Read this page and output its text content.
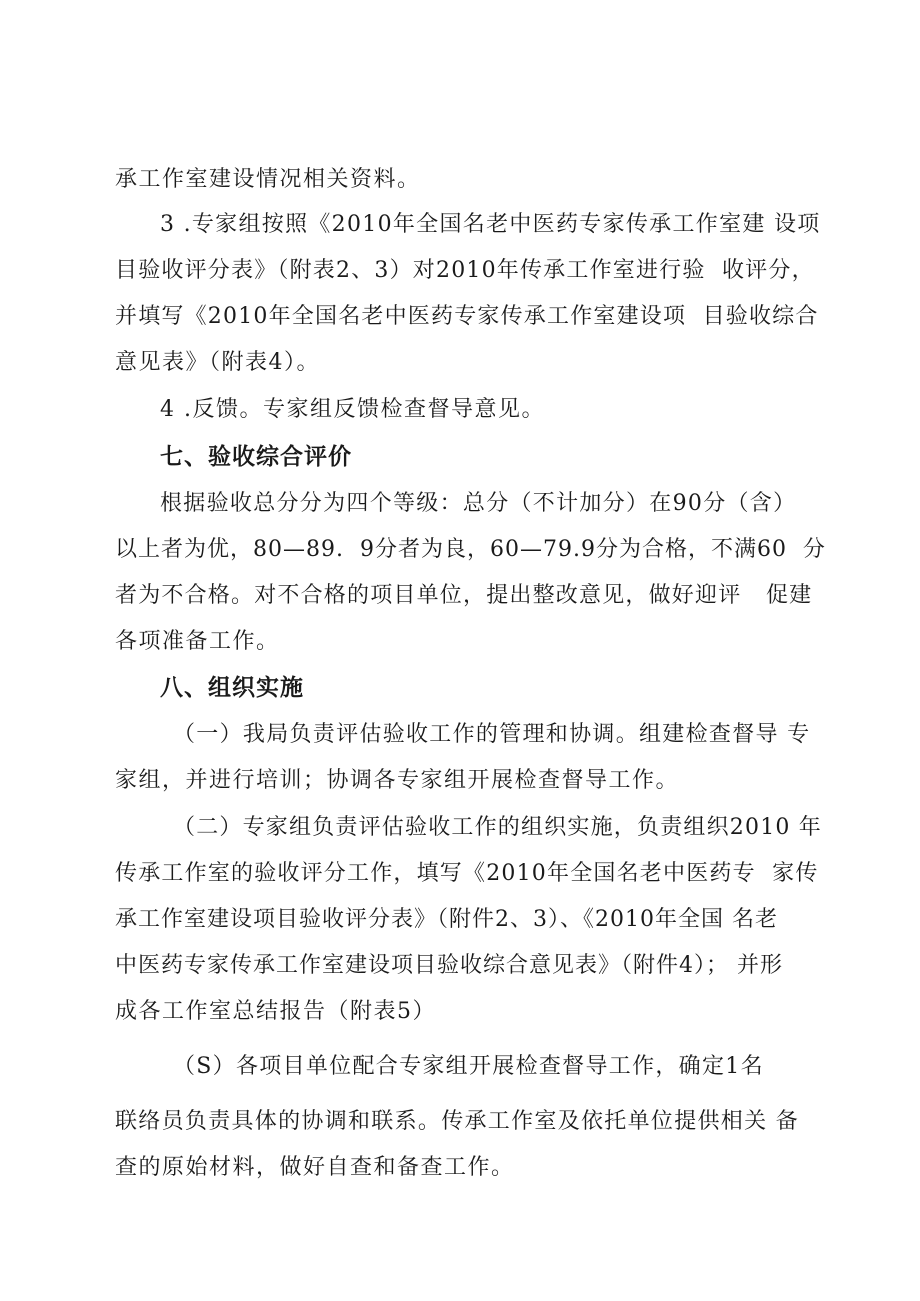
承工作室建设情况相关资料。
3 .专家组按照《2010年全国名老中医药专家传承工作室建 设项
目验收评分表》（附表2、3）对2010年传承工作室进行验  收评分，
并填写《2010年全国名老中医药专家传承工作室建设项  目验收综合
意见表》（附表4）。
4 .反馈。专家组反馈检查督导意见。
七、验收综合评价
根据验收总分分为四个等级：总分（不计加分）在90分（含）
以上者为优，80—89.  9分者为良，60—79.9分为合格，不满60  分
者为不合格。对不合格的项目单位，提出整改意见，做好迎评   促建
各项准备工作。
八、组织实施
（一）我局负责评估验收工作的管理和协调。组建检查督导 专
家组，并进行培训；协调各专家组开展检查督导工作。
（二）专家组负责评估验收工作的组织实施，负责组织2010 年
传承工作室的验收评分工作，填写《2010年全国名老中医药专  家传
承工作室建设项目验收评分表》（附件2、3）、《2010年全国 名老
中医药专家传承工作室建设项目验收综合意见表》（附件4）； 并形
成各工作室总结报告（附表5）
（S）各项目单位配合专家组开展检查督导工作，确定1名
联络员负责具体的协调和联系。传承工作室及依托单位提供相关 备
查的原始材料，做好自查和备查工作。
